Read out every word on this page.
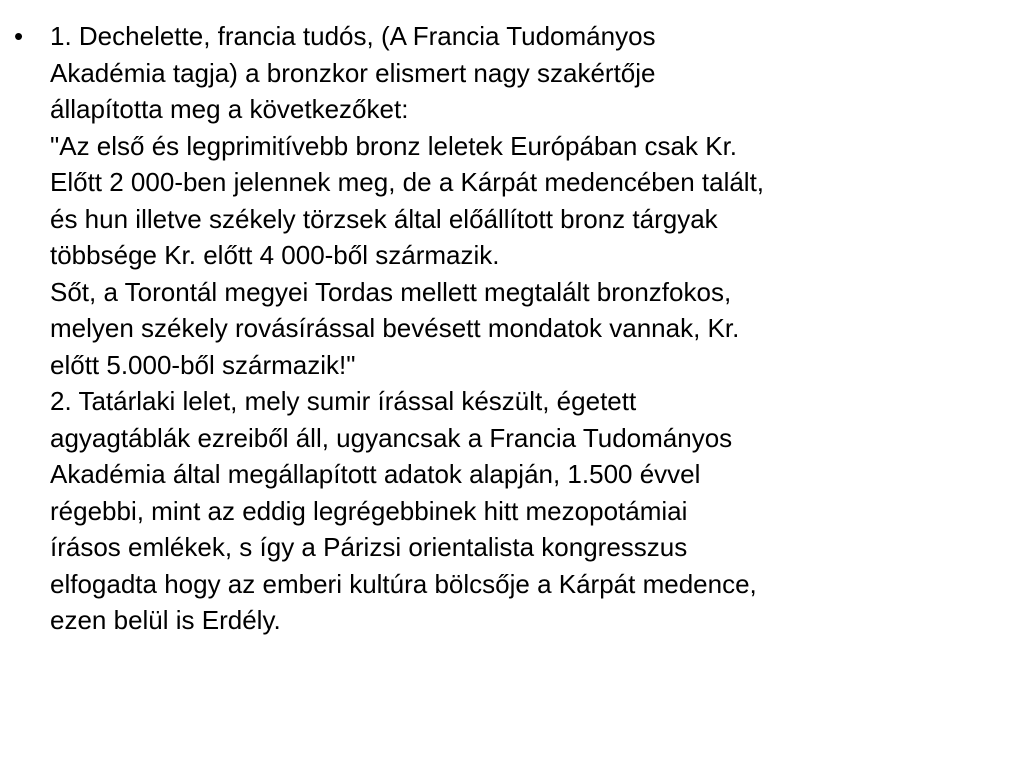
• 1. Dechelette, francia tudós, (A Francia Tudományos
Akadémia tagja) a bronzkor elismert nagy szakértője
állapította meg a következőket:
"Az első és legprimitívebb bronz leletek Európában csak Kr.
Előtt 2 000-ben jelennek meg, de a Kárpát medencében talált,
és hun illetve székely törzsek által előállított bronz tárgyak
többsége Kr. előtt 4 000-ből származik.
Sőt, a Torontál megyei Tordas mellett megtalált bronzfokos,
melyen székely rovásírással bevésett mondatok vannak, Kr.
előtt 5.000-ből származik!"
2. Tatárlaki lelet, mely sumir írással készült, égetett
agyagtáblák ezreiből áll, ugyancsak a Francia Tudományos
Akadémia által megállapított adatok alapján, 1.500 évvel
régebbi, mint az eddig legrégebbinek hitt mezopotámiai
írásos emlékek, s így a Párizsi orientalista kongresszus
elfogadta hogy az emberi kultúra bölcsője a Kárpát medence,
ezen belül is Erdély.
